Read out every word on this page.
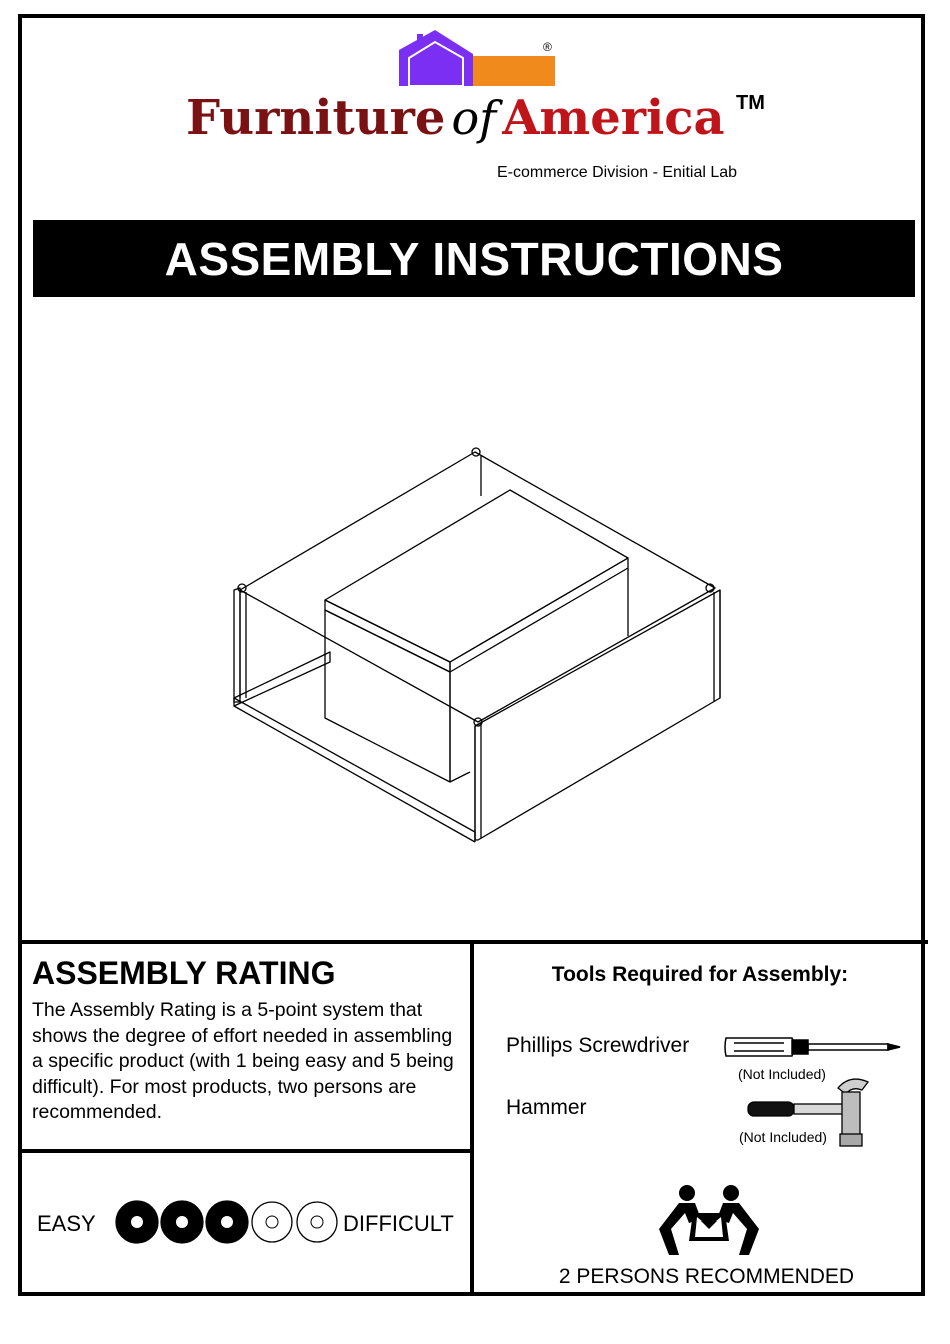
®
Furniture of America TM
E-commerce Division - Enitial Lab
ASSEMBLY INSTRUCTIONS
ASSEMBLY RATING
The Assembly Rating is a 5-point system that shows the degree of effort needed in assembling a specific product (with 1 being easy and 5 being difficult). For most products, two persons are recommended.
EASY	DIFFICULT
Tools Required for Assembly:
Phillips Screwdriver
(Not Included)
Hammer
(Not Included)
2 PERSONS RECOMMENDED
